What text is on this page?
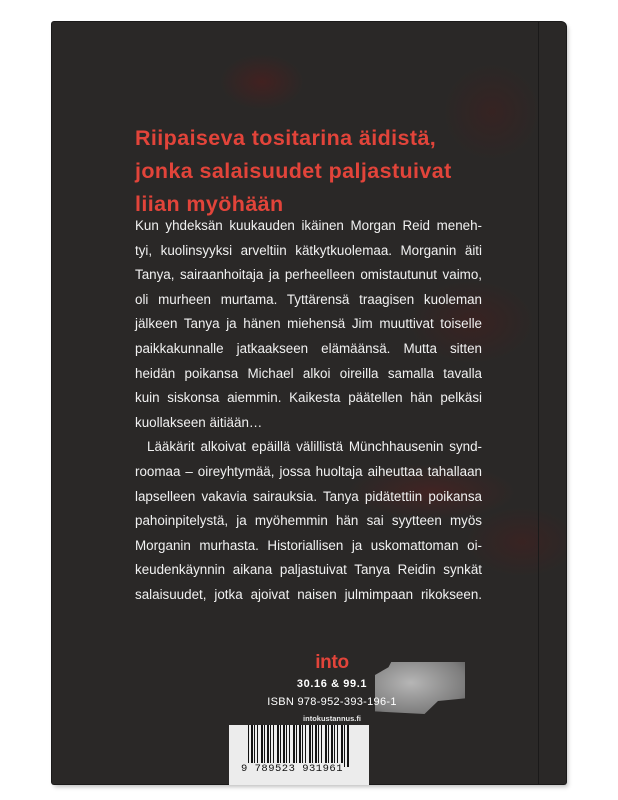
Riipaiseva tositarina äidistä,
jonka salaisuudet paljastuivat
liian myöhään
Kun yhdeksän kuukauden ikäinen Morgan Reid meneh-
tyi, kuolinsyyksi arveltiin kätkytkuolemaa. Morganin äiti
Tanya, sairaanhoitaja ja perheelleen omistautunut vaimo,
oli murheen murtama. Tyttärensä traagisen kuoleman
jälkeen Tanya ja hänen miehensä Jim muuttivat toiselle
paikkakunnalle jatkaakseen elämäänsä. Mutta sitten
heidän poikansa Michael alkoi oireilla samalla tavalla
kuin siskonsa aiemmin. Kaikesta päätellen hän pelkäsi
kuollakseen äitiään…
Lääkärit alkoivat epäillä välillistä Münchhausenin synd-
roomaa – oireyhtymää, jossa huoltaja aiheuttaa tahallaan
lapselleen vakavia sairauksia. Tanya pidätettiin poikansa
pahoinpitelystä, ja myöhemmin hän sai syytteen myös
Morganin murhasta. Historiallisen ja uskomattoman oi-
keudenkäynnin aikana paljastuivat Tanya Reidin synkät
salaisuudet, jotka ajoivat naisen julmimpaan rikokseen.
into
30.16 & 99.1
ISBN 978-952-393-196-1
intokustannus.fi
9 789523 931961
